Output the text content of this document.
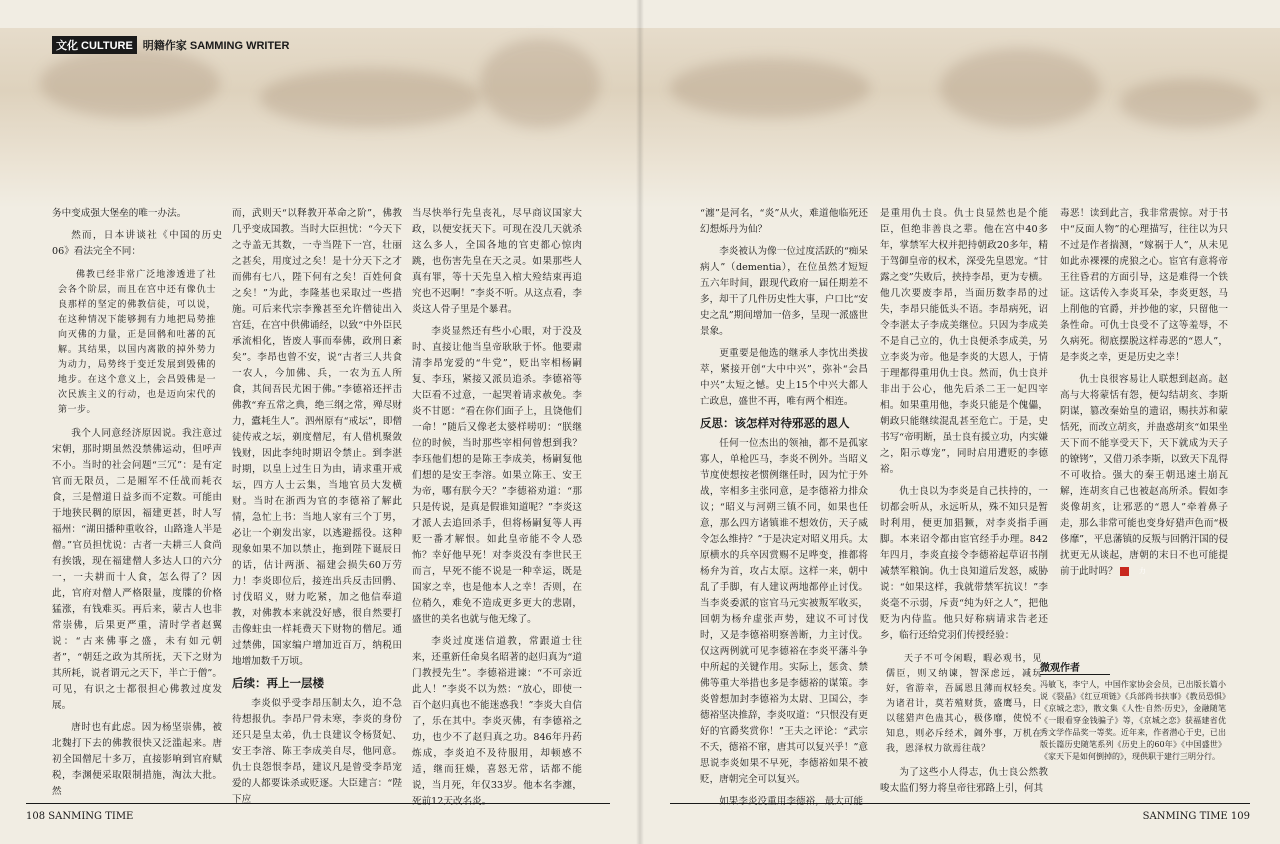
文化 CULTURE 明籍作家 SAMMING WRITER

务中变成强大堡垒的唯一办法。

然而，日本讲谈社《中国的历史06》看法完全不同：

佛教已经非常广泛地渗透进了社会各个阶层，而且在宫中还有像仇士良那样的坚定的佛教信徒，可以说，在这种情况下能够拥有力地把局势推向灭佛的力量，正是回鹘和吐蕃的瓦解。其结果，以国内离散的掉外势力为动力，局势终于变迁发展到毁佛的地步。在这个意义上，会昌毁佛是一次民族主义的行动，也是迈向宋代的第一步。

我个人同意经济原因说。我注意过宋朝，那时期虽然没禁佛运动，但呼声不小。当时的社会问题“三冗”：是有定官而无限员，二是厢军不任战而耗衣食，三是僧道日益多而不定数。可能由于地狭民稠的原因，福建更甚，时人写福州：“湖田播种重收谷，山路逢人半是僧。”官员担忧说：古者一夫耕三人食尚有挨饿，现在福建僧人多达人口的六分一，一夫耕而十人食，怎么得了？因此，官府对僧人严格限量，度牒的价格猛涨，有钱难买。再后来，蒙古人也非常崇佛，后果更严重，清时学者赵翼说：“古来佛事之盛，未有如元朝者”，“朝廷之政为其所抚，天下之财为其所耗，说者谓元之天下，半亡于僧”。可见，有识之士都很担心佛教过度发展。

唐时也有此虑。因为杨坚崇佛，被北魏打下去的佛教很快又泛滥起来。唐初全国僧尼十多万，直接影响到官府赋税，李渊便采取限制措施，淘汰大批。然

而，武则天“以释教开革命之阶”，佛教几乎变成国教。当时大臣担忧：“今天下之寺盖无其数，一寺当陛下一宫，壮丽之甚矣，用度过之矣！是十分天下之才而佛有七八，陛下何有之矣！百姓何食之矣！”为此，李隆基也采取过一些措施。可后来代宗李豫甚至允许僧徒出入宫廷，在宫中供佛诵经，以致“中外臣民承流相化，皆废人事而奉佛，政刑日紊矣”。李昂也曾不安，说“古者三人共食一农人，今加佛、兵，一农为五人所食，其间吾民尤困于佛。”李德裕还抨击佛教“弃五常之典，绝三纲之常，殚尽财力，蠹耗生人”。泗州原有“戒坛”，即僧徒传戒之坛，剃度僧尼，有人借机聚敛钱财，因此李纯时期诏令禁止。到李湛时期，以皇上过生日为由，请求重开戒坛，四方人士云集，当地官员大发横财。当时在浙西为官的李德裕了解此情，急忙上书：当地人家有三个丁男，必让一个剃发出家，以逃避摇役。这种现象如果不加以禁止，拖到陛下诞辰日的话，估计两浙、福建会损失60万劳力！李炎即位后，接连出兵反击回鹘、讨伐昭义，财力吃紧，加之他信奉道教，对佛教本来就没好感，很自然要打击像蛀虫一样耗费天下财物的僧尼。通过禁佛，国家编户增加近百万，纳税田地增加数千万顷。

后续：再上一层楼

李炎似乎受李昂压制太久，迫不急待想报仇。李昂尸骨未寒，李炎的身份还只是皇太弟，仇士良建议令杨贤妃、安王李溶、陈王李成美自尽，他同意。仇士良怨恨李昂，建议凡是曾受李昂宠爱的人都要诛杀或贬逐。大臣建言：“陛下应

当尽快举行先皇丧礼，尽早商议国家大政，以便安抚天下。可现在没几天就杀这么多人，全国各地的官吏都心惊肉跳，也伤害先皇在天之灵。如果那些人真有罪，等十天先皇入棺大殓结束再追究也不迟啊！”李炎不听。从这点看，李炎这人骨子里是个暴君。

李炎显然还有些小心眼，对于没及时、直接让他当皇帝耿耿于怀。他要肃清李昂宠爱的“牛党”，贬出宰相杨嗣复、李珏，紧接又派员追杀。李德裕等大臣看不过意，一起哭着请求赦免。李炎不甘愿：“看在你们面子上，且饶他们一命！”随后又像老太婆样唠叨：“朕继位的时候，当时那些宰相何曾想到我？李珏他们想的是陈王李成美，杨嗣复他们想的是安王李溶。如果立陈王、安王为帝，哪有朕今天？”李德裕劝道：“那只是传说，是真是假谁知道呢？”李炎这才派人去追回杀手，但将杨嗣复等人再贬一番才解恨。如此皇帝能不令人恐怖？幸好他早死！对李炎没有李世民王而言，早死不能不说是一种幸运，既是国家之幸，也是他本人之幸！否则，在位稍久，难免不造成更多更大的悲剧，盛世的美名也就与他无缘了。

李炎过度迷信道教，常跟道士往来，还重新任命臭名昭著的赵归真为“道门教授先生”。李德裕进谏：“不可亲近此人！”李炎不以为然：“放心，即使一百个赵归真也不能迷惑我！”李炎大自信了，乐在其中。李炎灭佛，有李德裕之功，也少不了赵归真之功。846年丹药炼成，李炎迫不及待服用，却顿感不适，继而狂燥，喜怒无常，话都不能说，当月死，年仅33岁。他本名李瀍，死前12天改名炎。

108 SANMING TIME

“瀍”是河名，“炎”从火，难道他临死还幻想烁丹为仙？

李炎被认为像一位过度活跃的“痴呆病人”（dementia），在位虽然才短短五六年时间，跟现代政府一届任期差不多，却干了几件历史性大事，户口比“安史之乱”期间增加一倍多，呈现一派盛世景象。

更重要是他选的继承人李忱出类拔萃，紧接开创“大中中兴”，弥补“会昌中兴”太短之憾。史上15个中兴大都人亡政息，盛世不再，唯有两个相连。

反思：该怎样对待邪恶的恩人

任何一位杰出的领袖，都不是孤家寡人，单枪匹马，李炎不例外。当昭义节度使想按老惯例继任时，因为忙于外战，宰相多主张同意，是李德裕力排众议；“昭义与河朔三镇不同，如果也任意，那么四方诸镇谁不想效仿，天子威令怎么维持？”于是决定对昭义用兵。太原横水的兵卒因赏赐不足哗变，推都将杨弁为首，攻占太原。这样一来，朝中乱了手脚，有人建议两地都停止讨伐。当李炎委派的宦官马元实被叛军收买，回朝为杨弁虚张声势，建议不可讨伐时，又是李德裕明察善断，力主讨伐。仅这两例就可见李德裕在李炎平藩斗争中所起的关键作用。实际上，惩贪、禁佛等重大举措也多是李德裕的谋策。李炎曾想加封李德裕为太尉、卫国公，李德裕坚决推辞，李炎叹道：“只恨没有更好的官爵奖赏你！”王夫之评论：“武宗不夭，德裕不窜，唐其可以复兴乎！”意思说李炎如果不早死，李德裕如果不被贬，唐朝完全可以复兴。

如果李炎没重用李德裕，最大可能

是重用仇士良。仇士良显然也是个能臣，但绝非善良之辈。他在宫中40多年，掌禁军大权并把持朝政20多年，精于驾御皇帝的权术，深受先皇恩宠。“甘露之变”失败后，挟持李昂，更为专横。他几次要废李昂，当面历数李昂的过失，李昂只能低头不语。李昂病死，诏令李湛太子李成美继位。只因为李成美不是自己立的，仇士良便杀李成美，另立李炎为帝。他是李炎的大恩人，于情于理都得重用仇士良。然而，仇士良并非出于公心，他先后杀二王一妃四宰相。如果重用他，李炎只能是个傀儡，朝政只能继续混乱甚至危亡。于是，史书写“帝明断，虽士良有援立功，内实嫌之，阳示尊宠”，同时启用遭贬的李德裕。

仇士良以为李炎是自己扶持的，一切都会听从，永远听从，殊不知只是暂时利用，便更加猖獗，对李炎指手画脚。本来诏令都由宦官经手办理。842年四月，李炎直接令李德裕起草诏书削减禁军粮饷。仇士良知道后发怒，威胁说：“如果这样，我就带禁军抗议！”李炎毫不示弱，斥责“纯为奸之人”，把他贬为内侍监。他只好称病请求告老还乡，临行还给党羽们传授经验：

天子不可令闲暇，暇必观书，见儒臣，则又纳谏，智深虑远，减玩好，省游幸，吾属恩且薄而权轻矣。为诸君计，莫若殖财货，盛鹰马，日以毬猎声色蛊其心，极侈靡，使悦不知息，则必斥经术，阇外事，万机在我，恩泽权力欲焉往哉？

为了这些小人得志，仇士良公然教唆太监们努力将皇帝往邪路上引，何其

毒恶！读到此言，我非常震惊。对于书中“反面人物”的心理描写，往往以为只不过是作者揣测，“嫁祸于人”，从未见如此赤裸裸的虎狼之心。宦官有意将帝王往昏君的方面引导，这是难得一个铁证。这话传入李炎耳朵，李炎更怒，马上削他的官爵，并抄他的家，只留他一条性命。可仇士良受不了这等羞辱，不久病死。彻底摆脱这样毒恶的“恩人”，是李炎之幸，更是历史之幸！

仇士良很容易让人联想到赵高。赵高与大将蒙恬有怨，便勾结胡亥、李斯阴谋，篡改秦始皇的遗诏，赐扶苏和蒙恬死，而改立胡亥，并蛊惑胡亥“如果坐天下而不能享受天下，天下就成为天子的镣铐”，又借刀杀李斯，以致天下乱得不可收拾。强大的秦王朝迅速土崩瓦解，连胡亥自己也被赵高所杀。假如李炎像胡亥，让邪恶的“恩人”牵着鼻子走，那么非常可能也变身好猎声色而“极侈靡”，平息藩镇的反叛与回鹘汗国的侵扰更无从谈起，唐朝的末日不也可能提前于此时吗？	力

SANMING TIME 109
微观作者

冯敏飞，李宁人，中国作家协会会员，已出版长篇小说《裂晶》《红豆项链》《兵部尚书扶事》《教员恐惧》《京城之恋》，散文集《人性·自然·历史》，金融随笔《一眼看穿金钱骗子》等，《京城之恋》获福建省优秀文学作品奖一等奖。近年来，作者潜心于史，已出版长篇历史随笔系列《历史上的60年》《中国盛世》《家天下是如何倒掉的》，现供职于建行三明分行。
